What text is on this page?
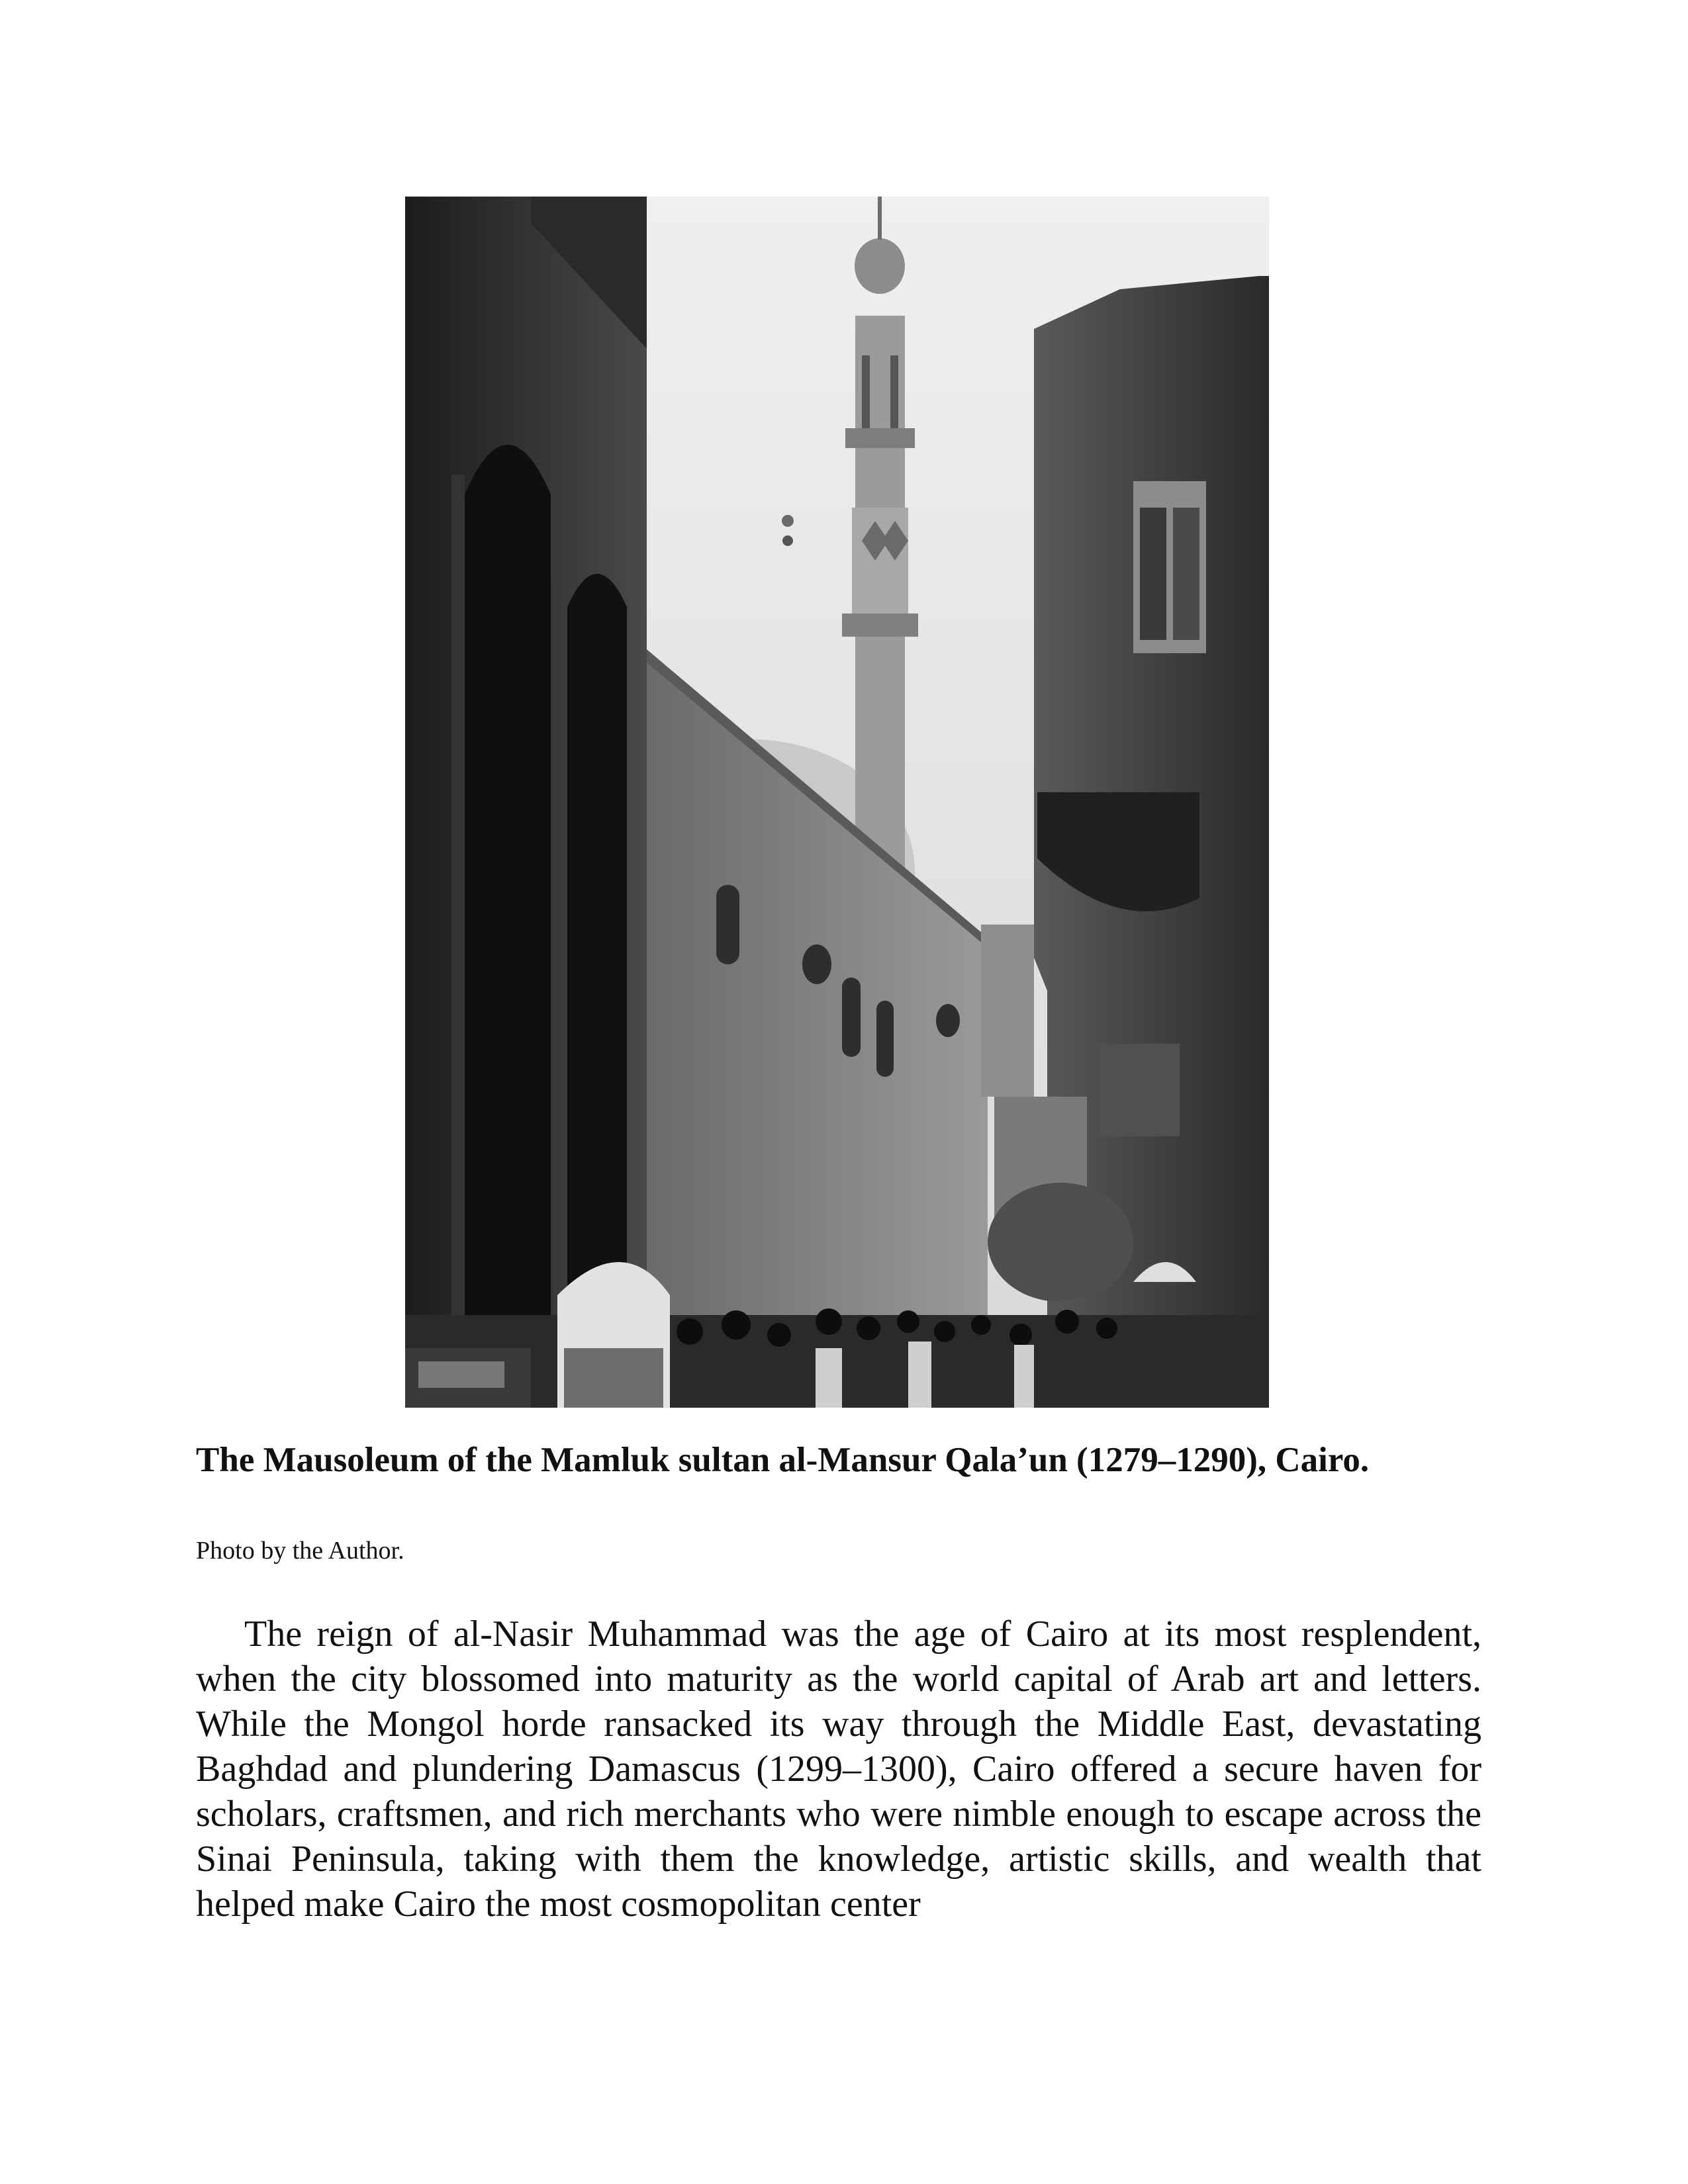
The Mausoleum of the Mamluk sultan al-Mansur Qala’un (1279–1290), Cairo.

Photo by the Author.

The reign of al-Nasir Muhammad was the age of Cairo at its most resplendent, when the city blossomed into maturity as the world capital of Arab art and letters. While the Mongol horde ransacked its way through the Middle East, devastating Baghdad and plundering Damascus (1299–1300), Cairo offered a secure haven for scholars, craftsmen, and rich merchants who were nimble enough to escape across the Sinai Peninsula, taking with them the knowledge, artistic skills, and wealth that helped make Cairo the most cosmopolitan center
